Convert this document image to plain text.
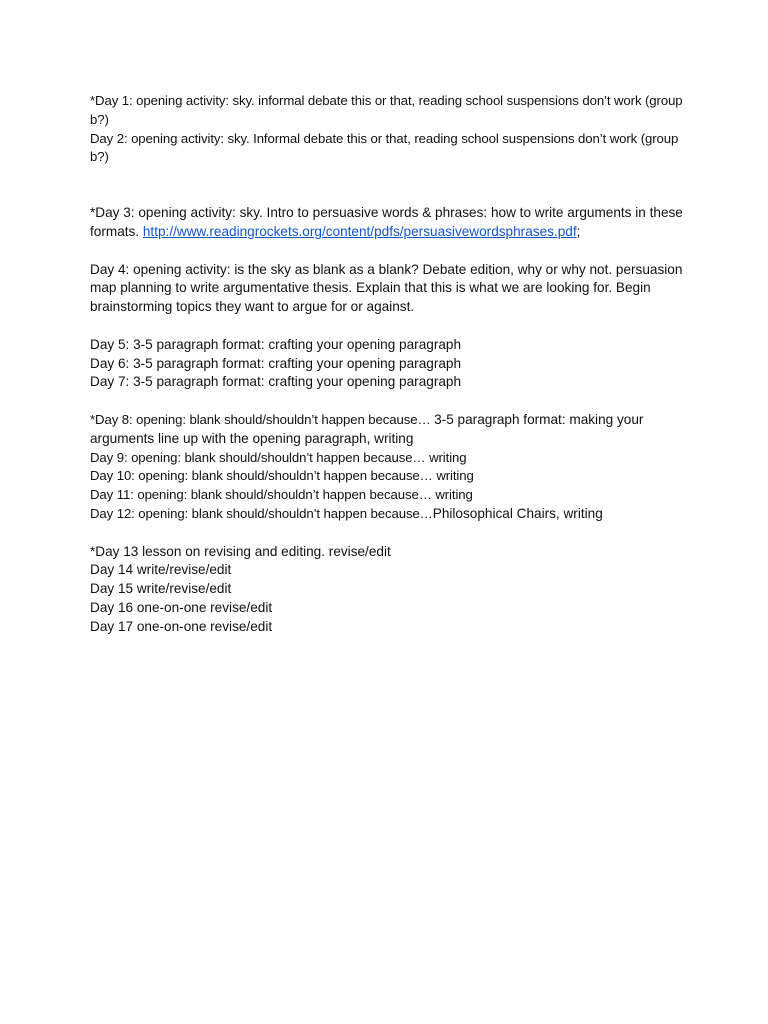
*Day 1: opening activity: sky. informal debate this or that, reading school suspensions don’t work (group b?)
Day 2: opening activity: sky. Informal debate this or that, reading school suspensions don’t work (group b?)
*Day 3: opening activity: sky. Intro to persuasive words & phrases: how to write arguments in these formats. http://www.readingrockets.org/content/pdfs/persuasivewordsphrases.pdf;
Day 4: opening activity: is the sky as blank as a blank? Debate edition, why or why not. persuasion map planning to write argumentative thesis. Explain that this is what we are looking for. Begin brainstorming topics they want to argue for or against.
Day 5: 3-5 paragraph format: crafting your opening paragraph
Day 6: 3-5 paragraph format: crafting your opening paragraph
Day 7: 3-5 paragraph format: crafting your opening paragraph
*Day 8: opening: blank should/shouldn’t happen because… 3-5 paragraph format: making your arguments line up with the opening paragraph, writing
Day 9: opening: blank should/shouldn’t happen because… writing
Day 10: opening: blank should/shouldn’t happen because… writing
Day 11: opening: blank should/shouldn’t happen because… writing
Day 12: opening: blank should/shouldn’t happen because…Philosophical Chairs, writing
*Day 13 lesson on revising and editing. revise/edit
Day 14 write/revise/edit
Day 15 write/revise/edit
Day 16 one-on-one revise/edit
Day 17 one-on-one revise/edit
